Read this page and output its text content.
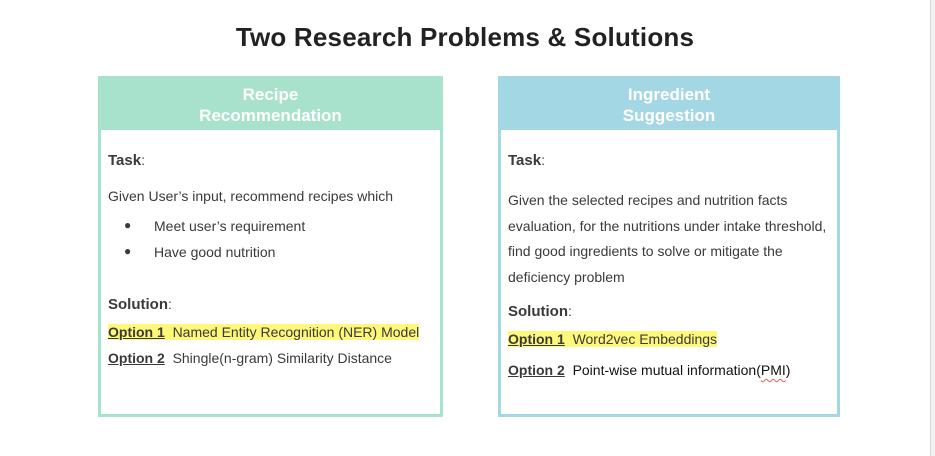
Two Research Problems & Solutions
Recipe
Recommendation
Task:

Given User’s input, recommend recipes which

● Meet user’s requirement
● Have good nutrition
Solution:
Option 1 Named Entity Recognition (NER) Model
Option 2 Shingle(n-gram) Similarity Distance
Ingredient
Suggestion
Task:
Given the selected recipes and nutrition facts
evaluation, for the nutritions under intake threshold,
find good ingredients to solve or mitigate the
deficiency problem
Solution:
Option 1 Word2vec Embeddings
Option 2 Point-wise mutual information(PMI)
